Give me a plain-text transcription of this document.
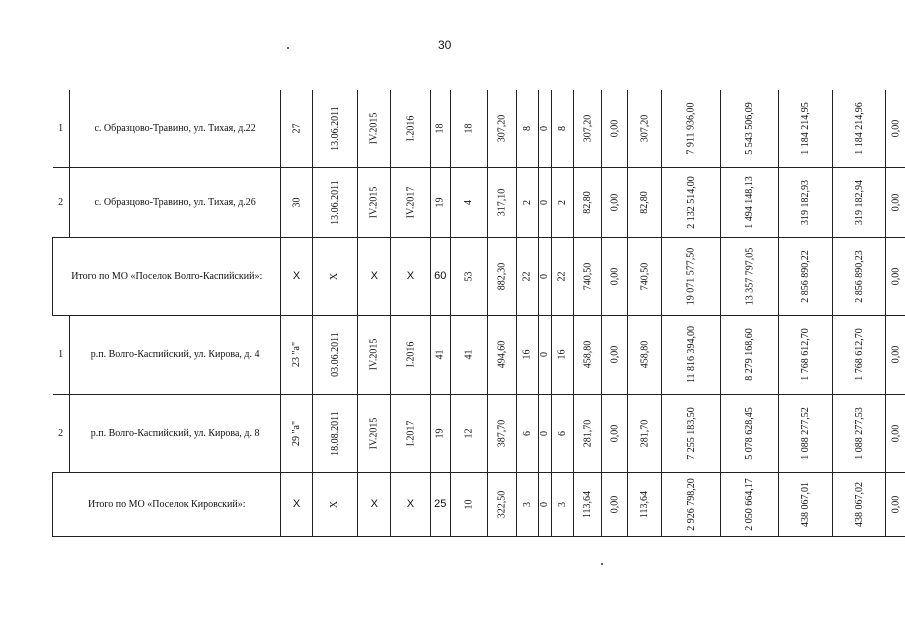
30
1	с. Образцово-Травино, ул. Тихая, д.22	27	13.06.2011	IV.2015	I.2016	18	18	307,20	8	0	8	307,20	0,00	307,20	7 911 936,00	5 543 506,09	1 184 214,95	1 184 214,96	0,00
2	с. Образцово-Травино, ул. Тихая, д.26	30	13.06.2011	IV.2015	IV.2017	19	4	317,10	2	0	2	82,80	0,00	82,80	2 132 514,00	1 494 148,13	319 182,93	319 182,94	0,00
Итого по МО «Поселок Волго-Каспийский»:		X	X	X	X	60	53	882,30	22	0	22	740,50	0,00	740,50	19 071 577,50	13 357 797,05	2 856 890,22	2 856 890,23	0,00
1	р.п. Волго-Каспийский, ул. Кирова, д. 4	23 "а"	03.06.2011	IV.2015	I.2016	41	41	494,60	16	0	16	458,80	0,00	458,80	11 816 394,00	8 279 168,60	1 768 612,70	1 768 612,70	0,00
2	р.п. Волго-Каспийский, ул. Кирова, д. 8	29 "а"	18.08.2011	IV.2015	I.2017	19	12	387,70	6	0	6	281,70	0,00	281,70	7 255 183,50	5 078 628,45	1 088 277,52	1 088 277,53	0,00
Итого по МО «Поселок Кировский»:		X	X	X	X	25	10	322,50	3	0	3	113,64	0,00	113,64	2 926 798,20	2 050 664,17	438 067,01	438 067,02	0,00
